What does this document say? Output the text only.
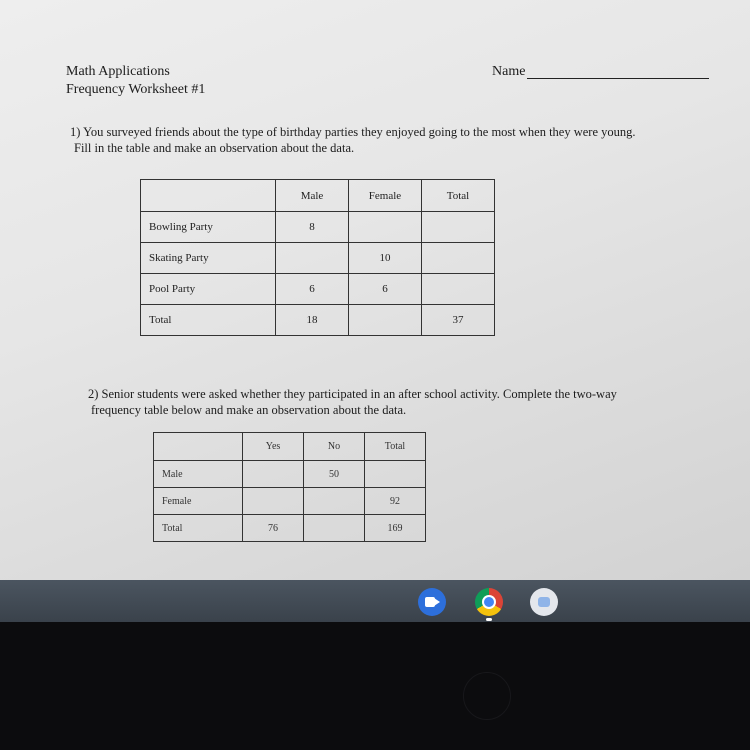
Math Applications
Frequency Worksheet #1
Name
1) You surveyed friends about the type of birthday parties they enjoyed going to the most when they were young.
Fill in the table and make an observation about the data.
	Male	Female	Total
Bowling Party	8		
Skating Party		10	
Pool Party	6	6	
Total	18		37
2) Senior students were asked whether they participated in an after school activity. Complete the two-way
frequency table below and make an observation about the data.
	Yes	No	Total
Male		50	
Female			92
Total	76		169
